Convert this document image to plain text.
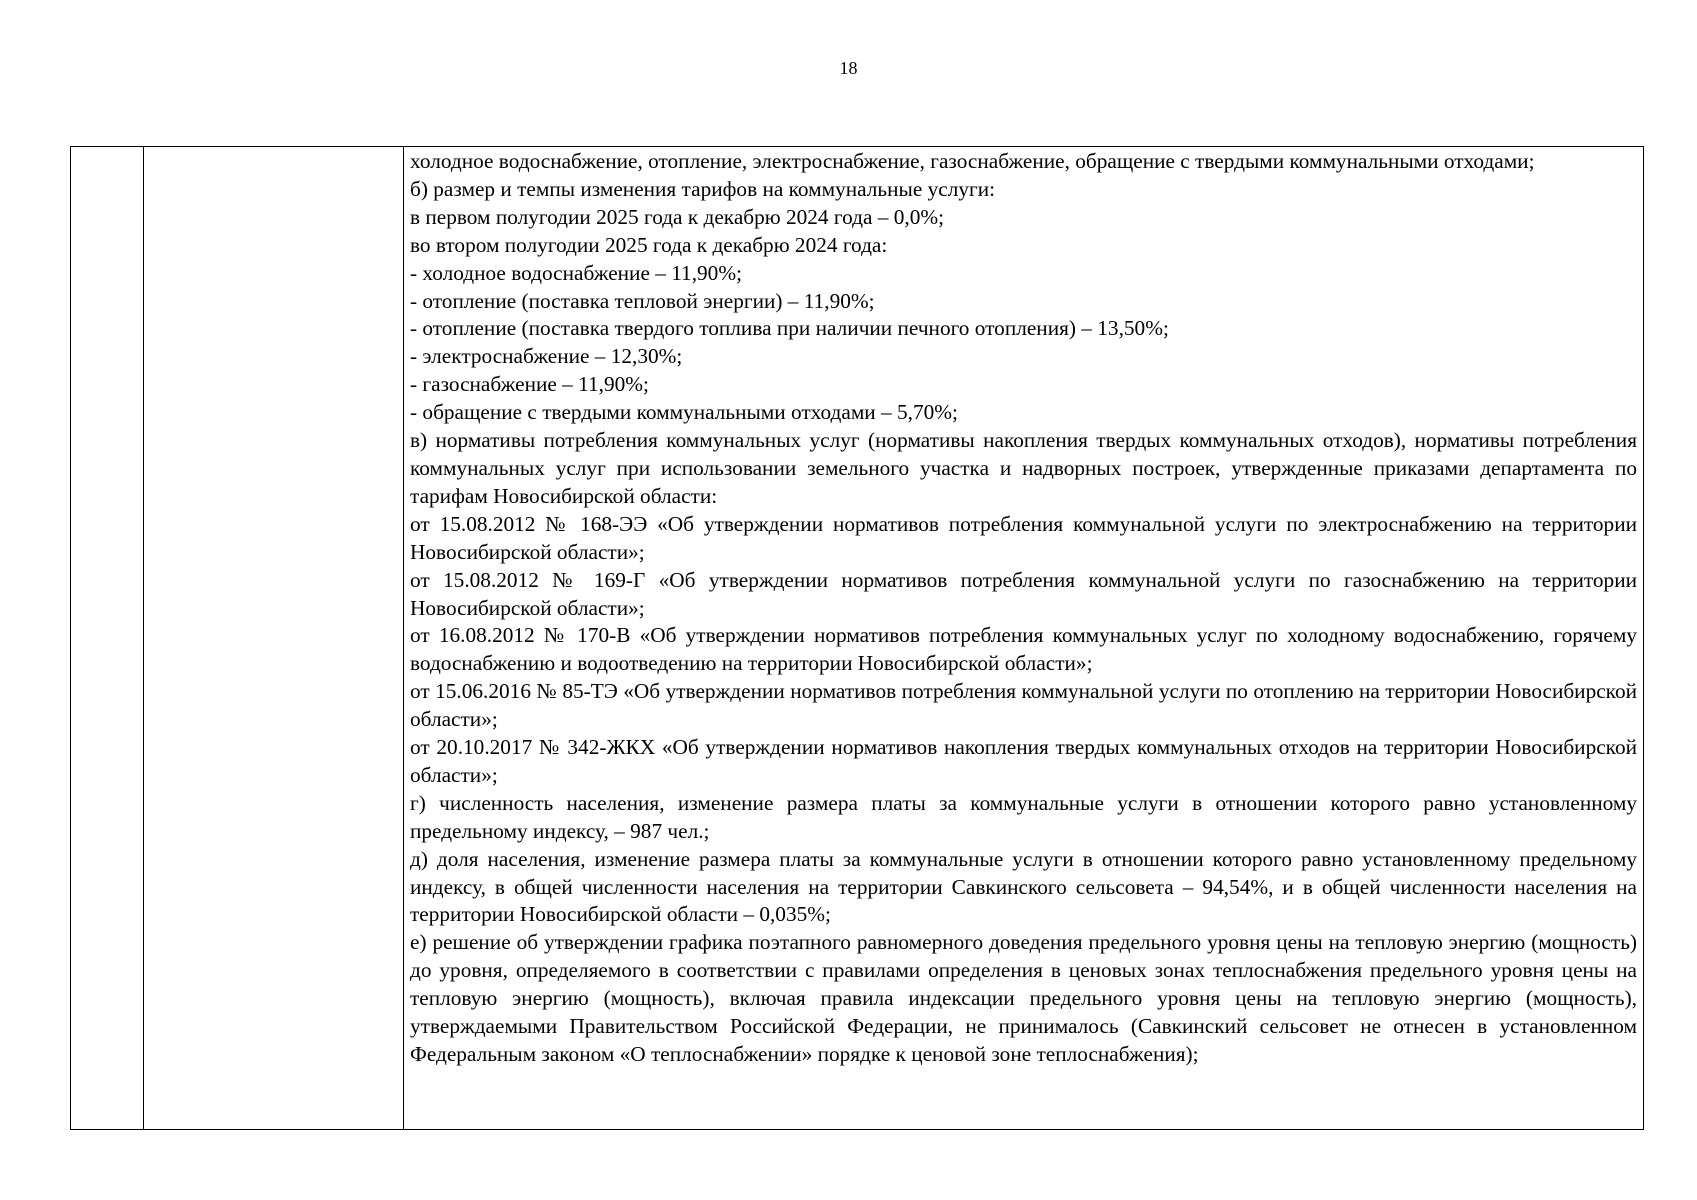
18

холодное водоснабжение, отопление, электроснабжение, газоснабжение, обращение с твердыми коммунальными отходами;

б) размер и темпы изменения тарифов на коммунальные услуги:

в первом полугодии 2025 года к декабрю 2024 года – 0,0%;

во втором полугодии 2025 года к декабрю 2024 года:

- холодное водоснабжение – 11,90%;

- отопление (поставка тепловой энергии) – 11,90%;

- отопление (поставка твердого топлива при наличии печного отопления) – 13,50%;

- электроснабжение – 12,30%;

- газоснабжение – 11,90%;

- обращение с твердыми коммунальными отходами – 5,70%;

в) нормативы потребления коммунальных услуг (нормативы накопления твердых коммунальных отходов), нормативы потребления коммунальных услуг при использовании земельного участка и надворных построек, утвержденные приказами департамента по тарифам Новосибирской области:

от 15.08.2012 № 168-ЭЭ «Об утверждении нормативов потребления коммунальной услуги по электроснабжению на территории Новосибирской области»;

от 15.08.2012 № 169-Г «Об утверждении нормативов потребления коммунальной услуги по газоснабжению на территории Новосибирской области»;

от 16.08.2012 № 170-В «Об утверждении нормативов потребления коммунальных услуг по холодному водоснабжению, горячему водоснабжению и водоотведению на территории Новосибирской области»;

от 15.06.2016 № 85-ТЭ «Об утверждении нормативов потребления коммунальной услуги по отоплению на территории Новосибирской области»;

от 20.10.2017 № 342-ЖКХ «Об утверждении нормативов накопления твердых коммунальных отходов на территории Новосибирской области»;

г) численность населения, изменение размера платы за коммунальные услуги в отношении которого равно установленному предельному индексу, – 987 чел.;

д) доля населения, изменение размера платы за коммунальные услуги в отношении которого равно установленному предельному индексу, в общей численности населения на территории Савкинского сельсовета – 94,54%, и в общей численности населения на территории Новосибирской области – 0,035%;

е) решение об утверждении графика поэтапного равномерного доведения предельного уровня цены на тепловую энергию (мощность) до уровня, определяемого в соответствии с правилами определения в ценовых зонах теплоснабжения предельного уровня цены на тепловую энергию (мощность), включая правила индексации предельного уровня цены на тепловую энергию (мощность), утверждаемыми Правительством Российской Федерации, не принималось (Савкинский сельсовет не отнесен в установленном Федеральным законом «О теплоснабжении» порядке к ценовой зоне теплоснабжения);
